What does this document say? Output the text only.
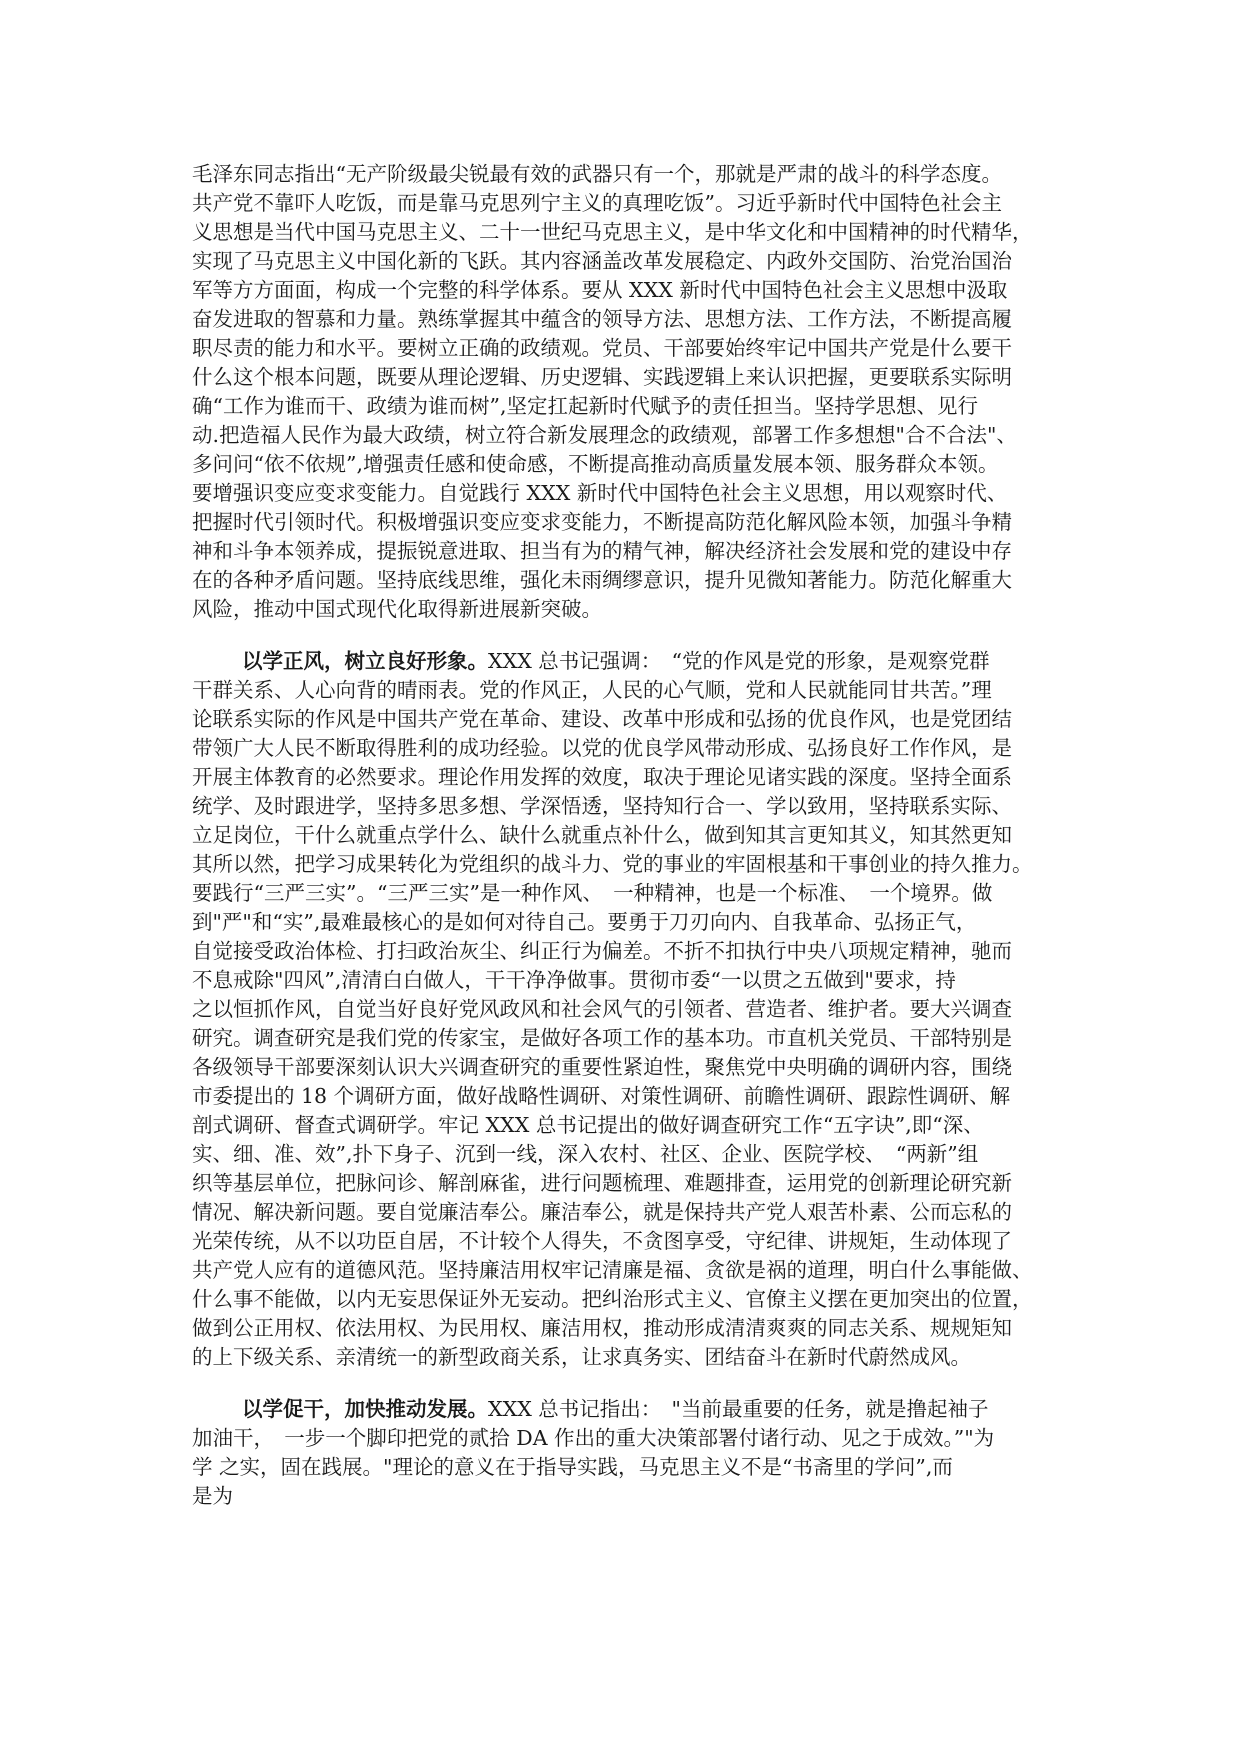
毛泽东同志指出“无产阶级最尖锐最有效的武器只有一个，那就是严肃的战斗的科学态度。
共产党不靠吓人吃饭，而是靠马克思列宁主义的真理吃饭”。习近乎新时代中国特色社会主
义思想是当代中国马克思主义、二十一世纪马克思主义，是中华文化和中国精神的时代精华，
实现了马克思主义中国化新的飞跃。其内容涵盖改革发展稳定、内政外交国防、治党治国治
军等方方面面，构成一个完整的科学体系。要从 XXX 新时代中国特色社会主义思想中汲取
奋发进取的智慕和力量。熟练掌握其中蕴含的领导方法、思想方法、工作方法，不断提高履
职尽责的能力和水平。要树立正确的政绩观。党员、干部要始终牢记中国共产党是什么要干
什么这个根本问题，既要从理论逻辑、历史逻辑、实践逻辑上来认识把握，更要联系实际明
确“工作为谁而干、政绩为谁而树”,坚定扛起新时代赋予的责任担当。坚持学思想、见行
动.把造福人民作为最大政绩，树立符合新发展理念的政绩观，部署工作多想想"合不合法"、
多问问“依不依规”,增强责任感和使命感，不断提高推动高质量发展本领、服务群众本领。
要增强识变应变求变能力。自觉践行 XXX 新时代中国特色社会主义思想，用以观察时代、
把握时代引领时代。积极增强识变应变求变能力，不断提高防范化解风险本领，加强斗争精
神和斗争本领养成，提振锐意进取、担当有为的精气神，解决经济社会发展和党的建设中存
在的各种矛盾问题。坚持底线思维，强化未雨绸缪意识，提升见微知著能力。防范化解重大
风险，推动中国式现代化取得新进展新突破。
以学正风，树立良好形象。XXX 总书记强调：　“党的作风是党的形象，是观察党群
干群关系、人心向背的晴雨表。党的作风正，人民的心气顺，党和人民就能同甘共苦。”理
论联系实际的作风是中国共产党在革命、建设、改革中形成和弘扬的优良作风，也是党团结
带领广大人民不断取得胜利的成功经验。以党的优良学风带动形成、弘扬良好工作作风，是
开展主体教育的必然要求。理论作用发挥的效度，取决于理论见诸实践的深度。坚持全面系
统学、及时跟进学，坚持多思多想、学深悟透，坚持知行合一、学以致用，坚持联系实际、
立足岗位，干什么就重点学什么、缺什么就重点补什么，做到知其言更知其义，知其然更知
其所以然，把学习成果转化为党组织的战斗力、党的事业的牢固根基和干事创业的持久推力。
要践行“三严三实”。“三严三实”是一种作风、　一种精神，也是一个标准、　一个境界。做
到"严"和“实”,最难最核心的是如何对待自己。要勇于刀刃向内、自我革命、弘扬正气，
自觉接受政治体检、打扫政治灰尘、纠正行为偏差。不折不扣执行中央八项规定精神，驰而
不息戒除"四风”,清清白白做人，干干净净做事。贯彻市委“一以贯之五做到"要求，持
之以恒抓作风，自觉当好良好党风政风和社会风气的引领者、营造者、维护者。要大兴调查
研究。调查研究是我们党的传家宝，是做好各项工作的基本功。市直机关党员、干部特别是
各级领导干部要深刻认识大兴调查研究的重要性紧迫性，聚焦党中央明确的调研内容，围绕
市委提出的 18 个调研方面，做好战略性调研、对策性调研、前瞻性调研、跟踪性调研、解
剖式调研、督查式调研学。牢记 XXX 总书记提出的做好调查研究工作“五字诀”,即“深、
实、细、准、效”,扑下身子、沉到一线，深入农村、社区、企业、医院学校、　“两新”组
织等基层单位，把脉问诊、解剖麻雀，进行问题梳理、难题排查，运用党的创新理论研究新
情况、解决新问题。要自觉廉洁奉公。廉洁奉公，就是保持共产党人艰苦朴素、公而忘私的
光荣传统，从不以功臣自居，不计较个人得失，不贪图享受，守纪律、讲规矩，生动体现了
共产党人应有的道德风范。坚持廉洁用权牢记清廉是福、贪欲是祸的道理，明白什么事能做、
什么事不能做，以内无妄思保证外无妄动。把纠治形式主义、官僚主义摆在更加突出的位置，
做到公正用权、依法用权、为民用权、廉洁用权，推动形成清清爽爽的同志关系、规规矩知
的上下级关系、亲清统一的新型政商关系，让求真务实、团结奋斗在新时代蔚然成风。
以学促干，加快推动发展。XXX 总书记指出：　"当前最重要的任务，就是撸起袖子
加油干，　一步一个脚印把党的贰拾 DA 作出的重大决策部署付诸行动、见之于成效。”"为
学 之实，固在践展。"理论的意义在于指导实践，马克思主义不是“书斋里的学问”,而
是为
